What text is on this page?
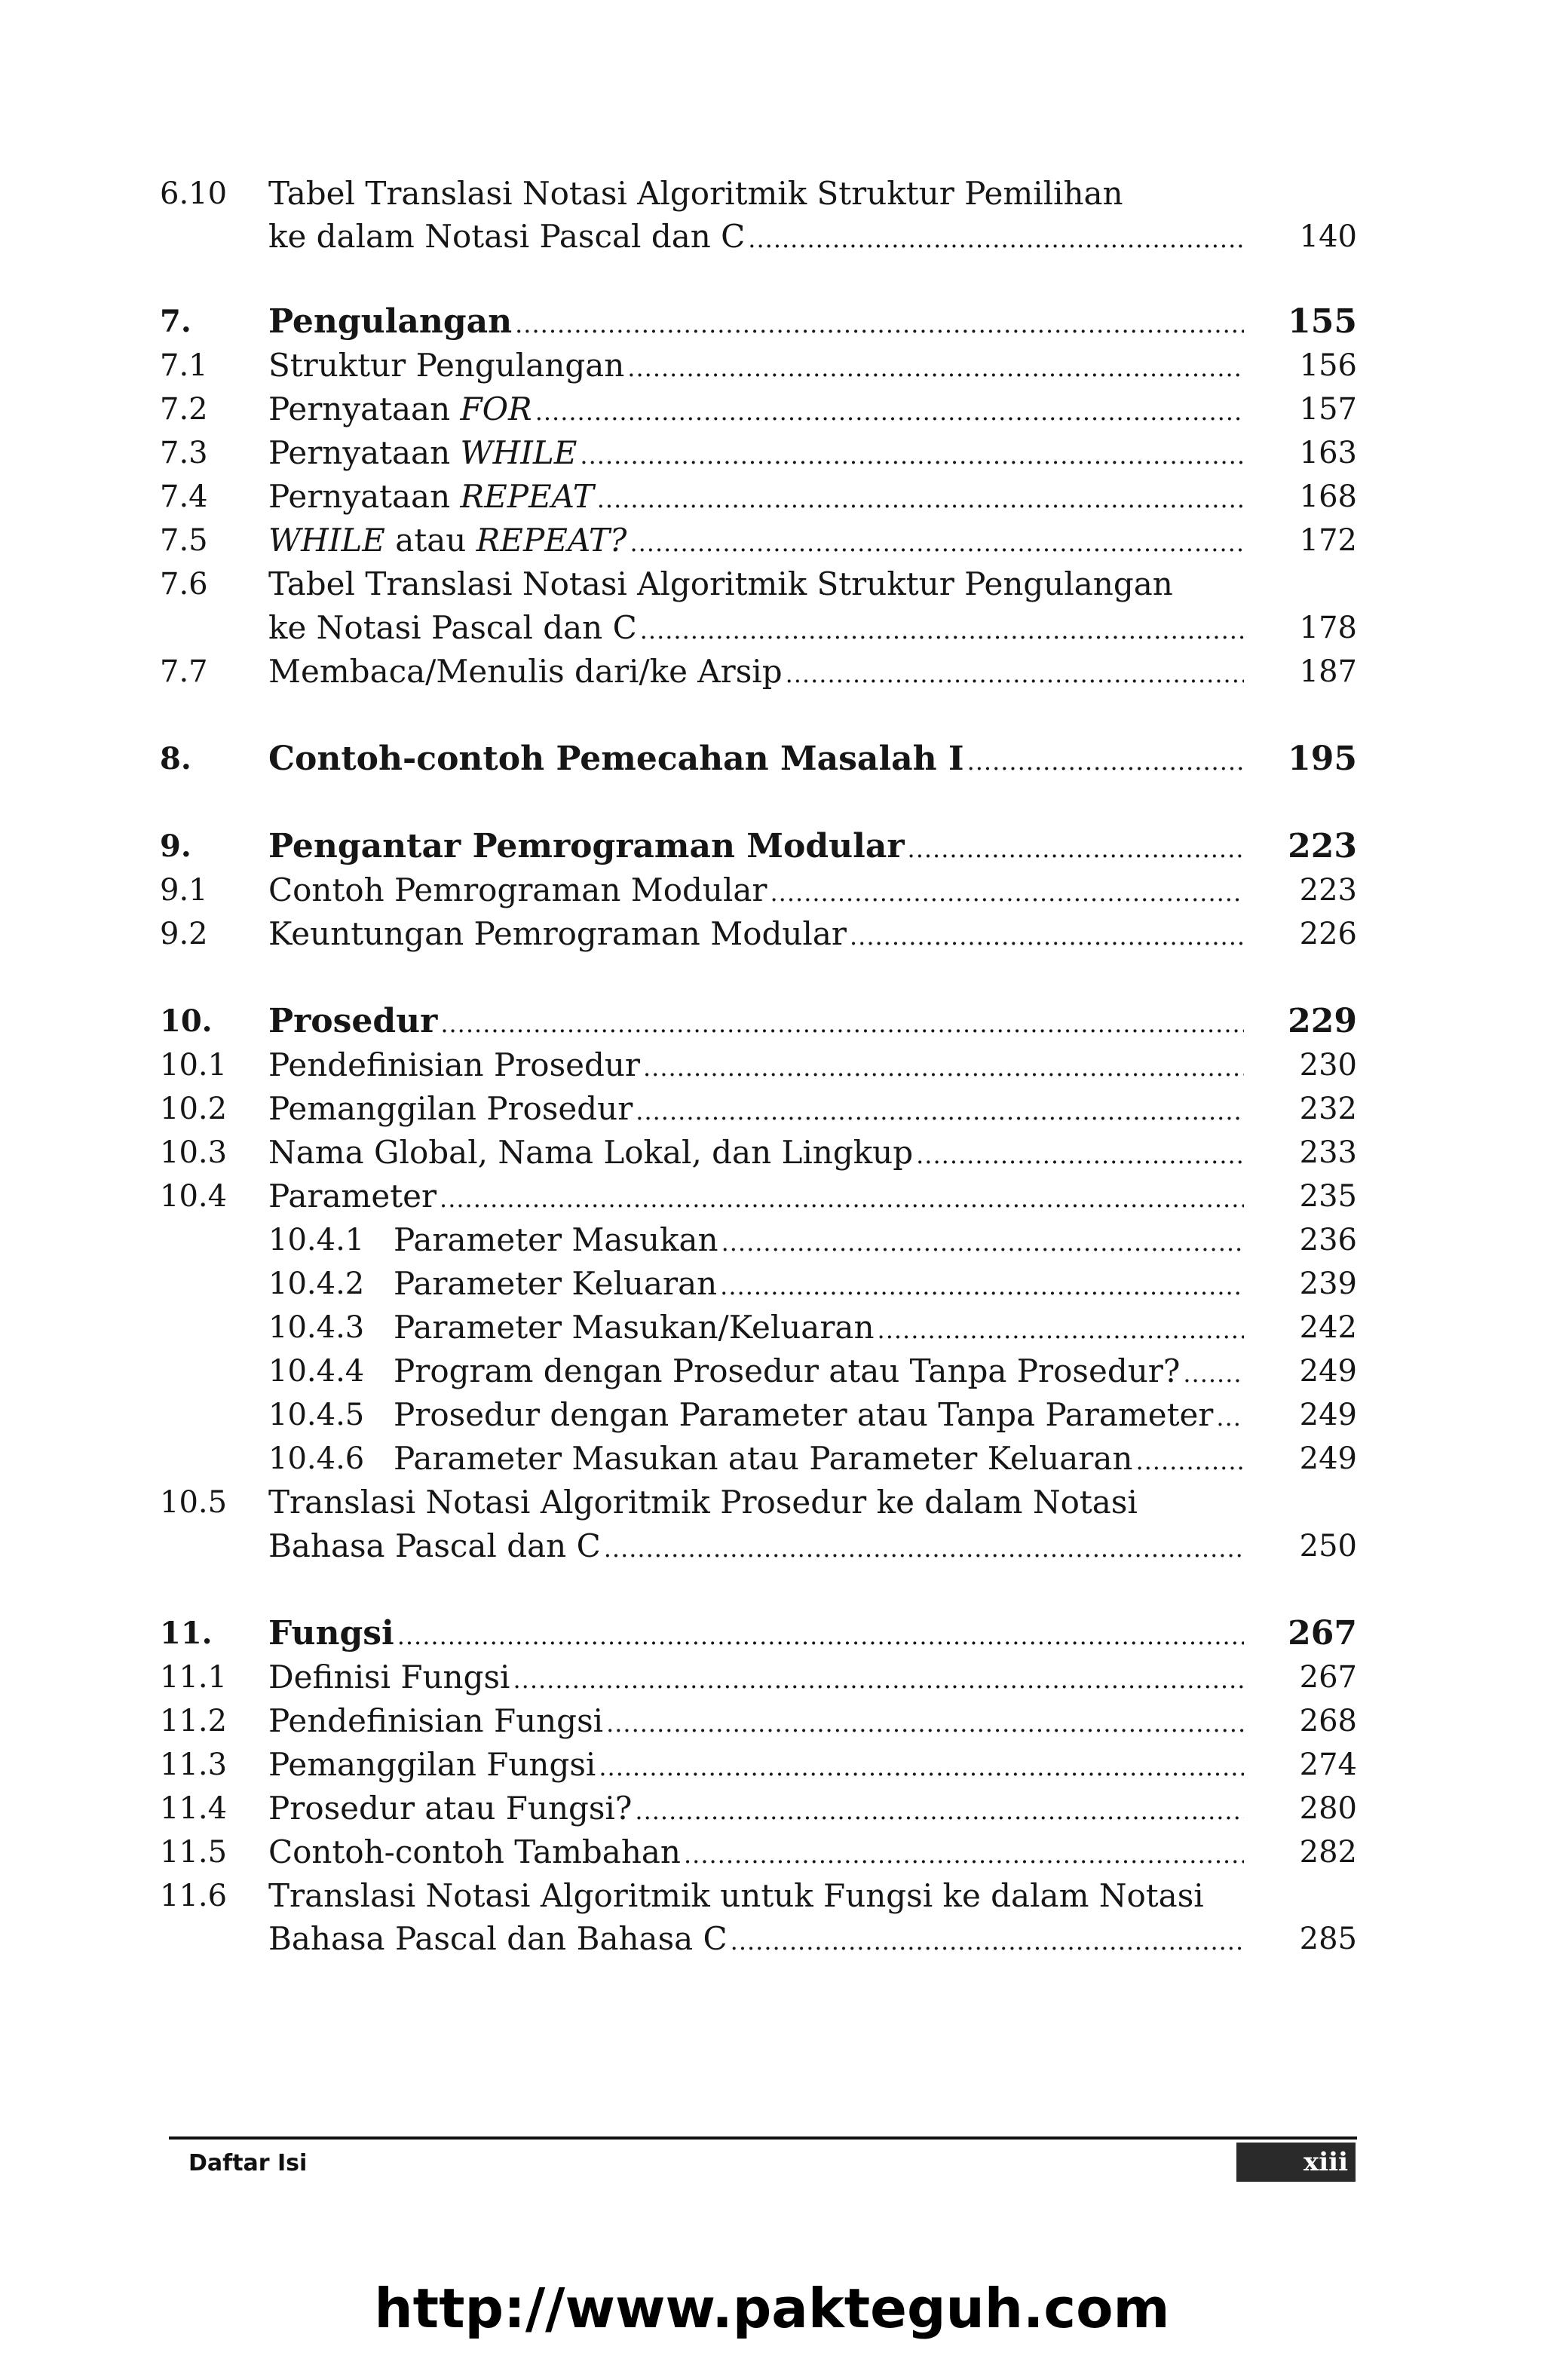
6.10 Tabel Translasi Notasi Algoritmik Struktur Pemilihan
ke dalam Notasi Pascal dan C .....	140
7. Pengulangan .....	155
7.1 Struktur Pengulangan .....	156
7.2 Pernyataan FOR .....	157
7.3 Pernyataan WHILE .....	163
7.4 Pernyataan REPEAT .....	168
7.5 WHILE atau REPEAT? .....	172
7.6 Tabel Translasi Notasi Algoritmik Struktur Pengulangan
ke Notasi Pascal dan C .....	178
7.7 Membaca/Menulis dari/ke Arsip .....	187
8. Contoh-contoh Pemecahan Masalah I .....	195
9. Pengantar Pemrograman Modular .....	223
9.1 Contoh Pemrograman Modular .....	223
9.2 Keuntungan Pemrograman Modular .....	226
10. Prosedur .....	229
10.1 Pendefinisian Prosedur .....	230
10.2 Pemanggilan Prosedur .....	232
10.3 Nama Global, Nama Lokal, dan Lingkup .....	233
10.4 Parameter .....	235
10.4.1 Parameter Masukan .....	236
10.4.2 Parameter Keluaran .....	239
10.4.3 Parameter Masukan/Keluaran .....	242
10.4.4 Program dengan Prosedur atau Tanpa Prosedur? .....	249
10.4.5 Prosedur dengan Parameter atau Tanpa Parameter .....	249
10.4.6 Parameter Masukan atau Parameter Keluaran .....	249
10.5 Translasi Notasi Algoritmik Prosedur ke dalam Notasi
Bahasa Pascal dan C .....	250
11. Fungsi .....	267
11.1 Definisi Fungsi .....	267
11.2 Pendefinisian Fungsi .....	268
11.3 Pemanggilan Fungsi .....	274
11.4 Prosedur atau Fungsi? .....	280
11.5 Contoh-contoh Tambahan .....	282
11.6 Translasi Notasi Algoritmik untuk Fungsi ke dalam Notasi
Bahasa Pascal dan Bahasa C .....	285
Daftar Isi	xiii
http://www.pakteguh.com
